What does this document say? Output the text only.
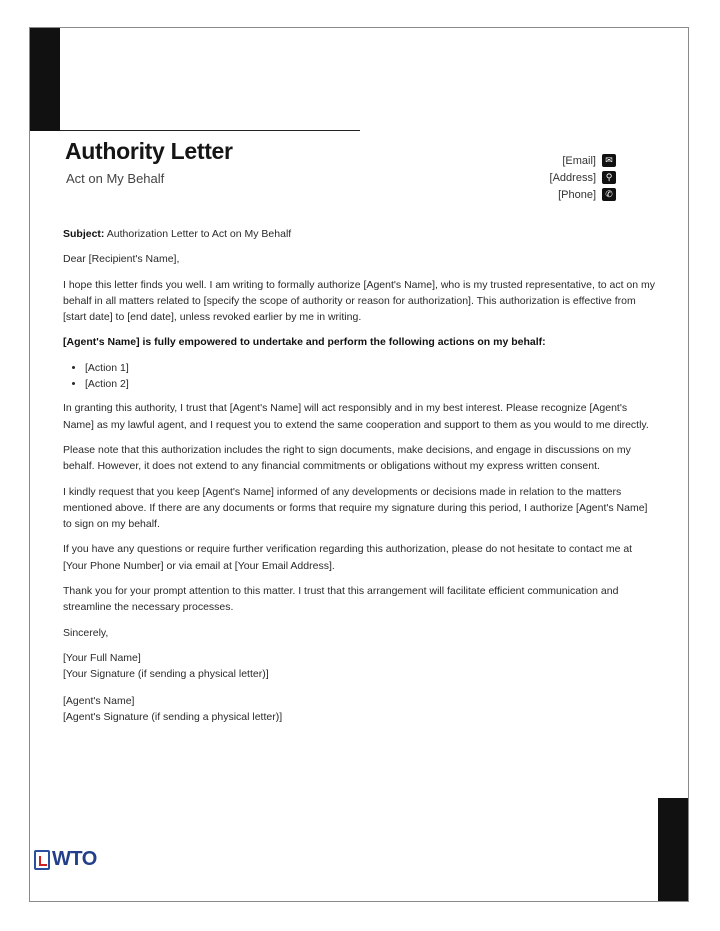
Authority Letter
Act on My Behalf
[Email]	✉
[Address]	⚲
[Phone]	✆

Subject: Authorization Letter to Act on My Behalf

Dear [Recipient's Name],

I hope this letter finds you well. I am writing to formally authorize [Agent's Name], who is my trusted representative, to act on my behalf in all matters related to [specify the scope of authority or reason for authorization]. This authorization is effective from [start date] to [end date], unless revoked earlier by me in writing.

[Agent's Name] is fully empowered to undertake and perform the following actions on my behalf:

• [Action 1]
• [Action 2]

In granting this authority, I trust that [Agent's Name] will act responsibly and in my best interest. Please recognize [Agent's Name] as my lawful agent, and I request you to extend the same cooperation and support to them as you would to me directly.

Please note that this authorization includes the right to sign documents, make decisions, and engage in discussions on my behalf. However, it does not extend to any financial commitments or obligations without my express written consent.

I kindly request that you keep [Agent's Name] informed of any developments or decisions made in relation to the matters mentioned above. If there are any documents or forms that require my signature during this period, I authorize [Agent's Name] to sign on my behalf.

If you have any questions or require further verification regarding this authorization, please do not hesitate to contact me at [Your Phone Number] or via email at [Your Email Address].

Thank you for your prompt attention to this matter. I trust that this arrangement will facilitate efficient communication and streamline the necessary processes.

Sincerely,

[Your Full Name]
[Your Signature (if sending a physical letter)]

[Agent's Name]
[Agent's Signature (if sending a physical letter)]

WTO
